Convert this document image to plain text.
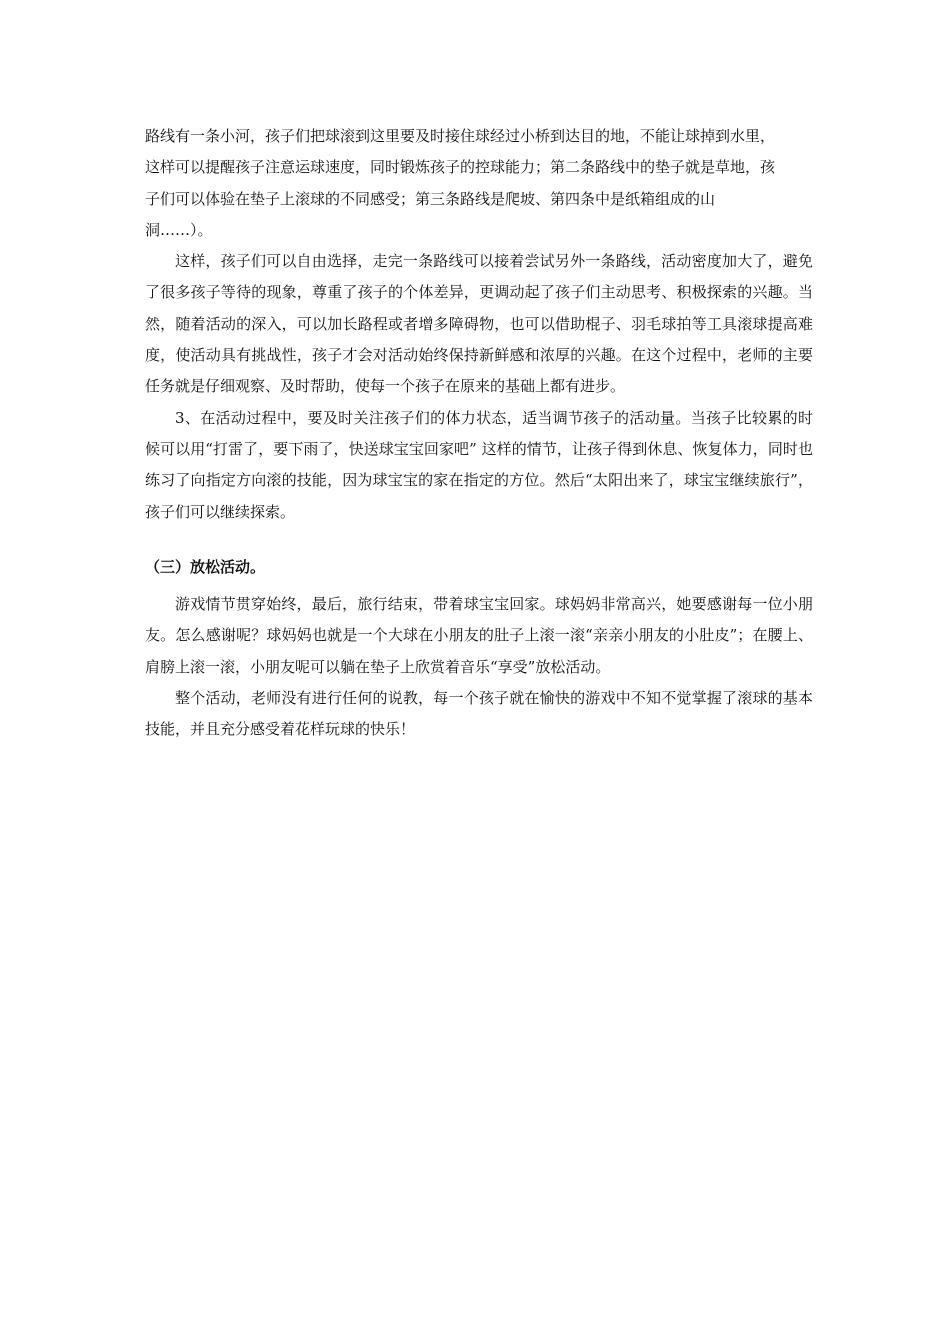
路线有一条小河，孩子们把球滚到这里要及时接住球经过小桥到达目的地，不能让球掉到水里，
这样可以提醒孩子注意运球速度，同时锻炼孩子的控球能力；第二条路线中的垫子就是草地，孩
子们可以体验在垫子上滚球的不同感受；第三条路线是爬坡、第四条中是纸箱组成的山
洞……）。

这样，孩子们可以自由选择，走完一条路线可以接着尝试另外一条路线，活动密度加大了，避免了很多孩子等待的现象，尊重了孩子的个体差异，更调动起了孩子们主动思考、积极探索的兴趣。当然，随着活动的深入，可以加长路程或者增多障碍物，也可以借助棍子、羽毛球拍等工具滚球提高难度，使活动具有挑战性，孩子才会对活动始终保持新鲜感和浓厚的兴趣。在这个过程中，老师的主要任务就是仔细观察、及时帮助，使每一个孩子在原来的基础上都有进步。

3、在活动过程中，要及时关注孩子们的体力状态，适当调节孩子的活动量。当孩子比较累的时候可以用“打雷了，要下雨了，快送球宝宝回家吧” 这样的情节，让孩子得到休息、恢复体力，同时也练习了向指定方向滚的技能，因为球宝宝的家在指定的方位。然后“太阳出来了，球宝宝继续旅行”，孩子们可以继续探索。

（三）放松活动。

游戏情节贯穿始终，最后，旅行结束，带着球宝宝回家。球妈妈非常高兴，她要感谢每一位小朋友。怎么感谢呢？球妈妈也就是一个大球在小朋友的肚子上滚一滚“亲亲小朋友的小肚皮”；在腰上、肩膀上滚一滚，小朋友呢可以躺在垫子上欣赏着音乐“享受”放松活动。

整个活动，老师没有进行任何的说教，每一个孩子就在愉快的游戏中不知不觉掌握了滚球的基本技能，并且充分感受着花样玩球的快乐！
